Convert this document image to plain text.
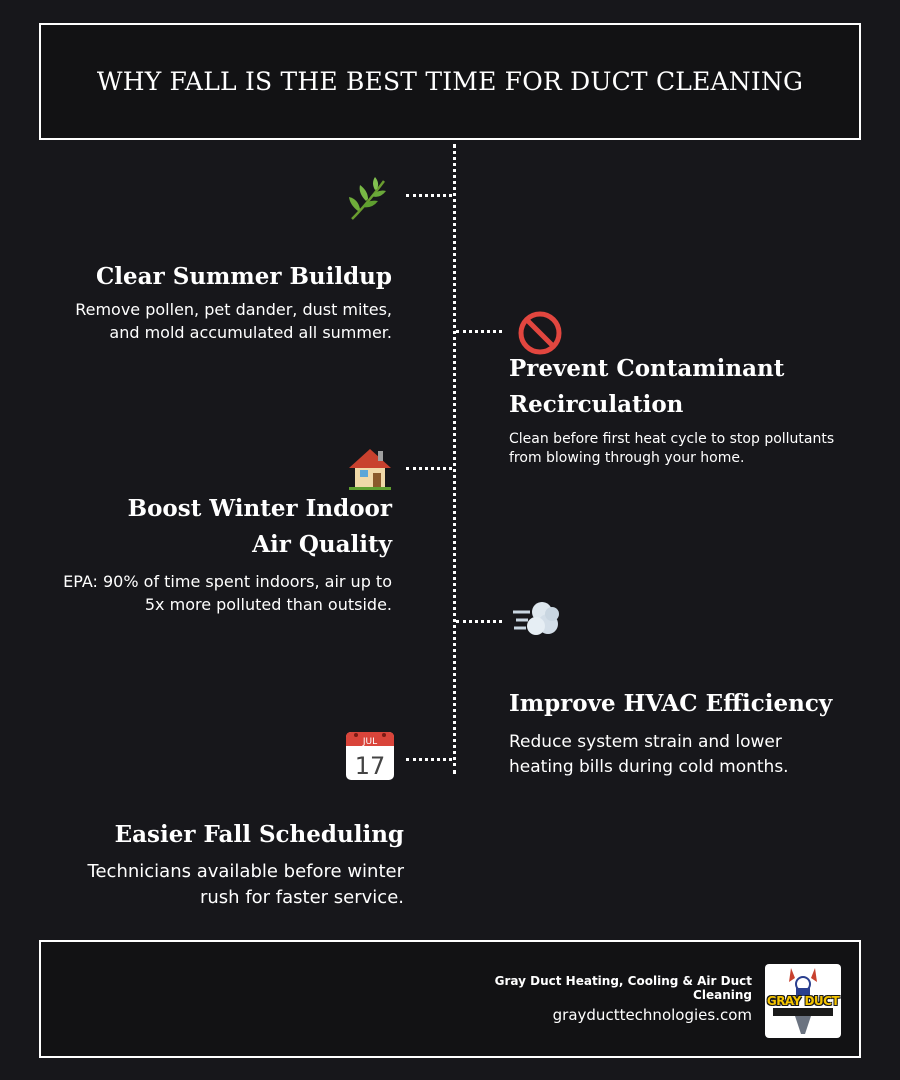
WHY FALL IS THE BEST TIME FOR DUCT CLEANING
Clear Summer Buildup
Remove pollen, pet dander, dust mites, and mold accumulated all summer.
Prevent Contaminant Recirculation
Clean before first heat cycle to stop pollutants from blowing through your home.
Boost Winter Indoor Air Quality
EPA: 90% of time spent indoors, air up to 5x more polluted than outside.
Improve HVAC Efficiency
Reduce system strain and lower heating bills during cold months.
JUL
17
Easier Fall Scheduling
Technicians available before winter rush for faster service.
Gray Duct Heating, Cooling & Air Duct Cleaning
grayducttechnologies.com
GRAY DUCT
